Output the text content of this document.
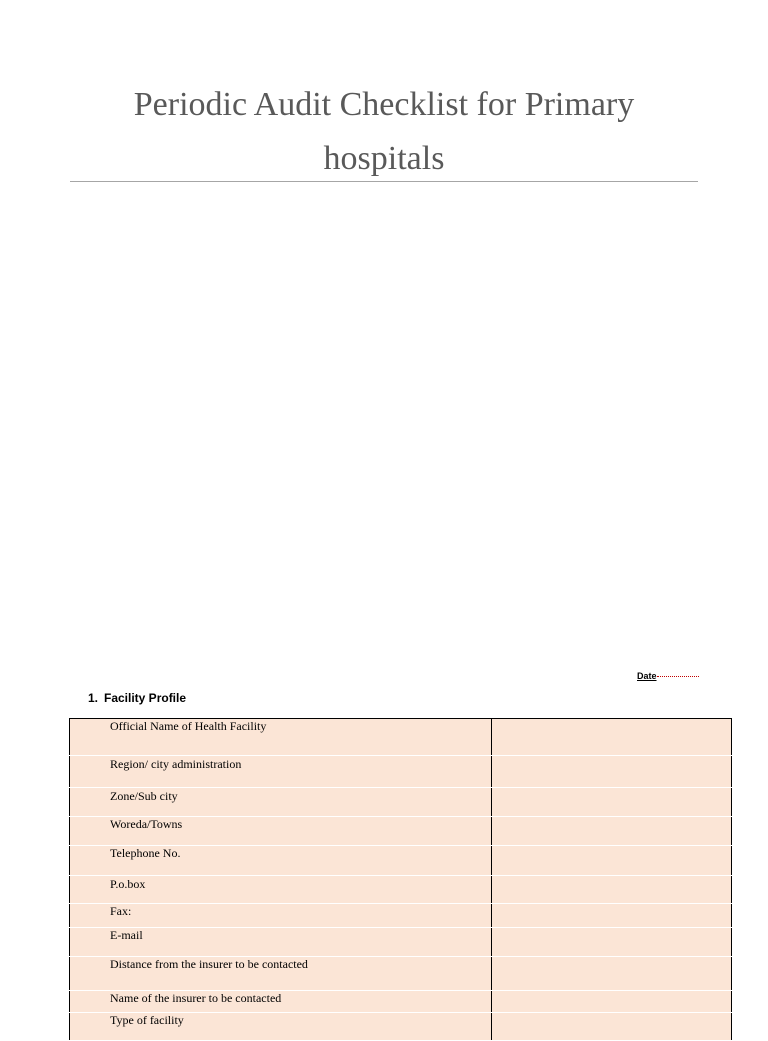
Periodic Audit Checklist for Primary hospitals
Date
1. Facility Profile
Official Name of Health Facility	

Region/ city administration	

Zone/Sub city	

Woreda/Towns	

Telephone No.	

P.o.box	

Fax:	

E-mail	

Distance from the insurer to be contacted	

Name of the insurer to be contacted	

Type of facility	
